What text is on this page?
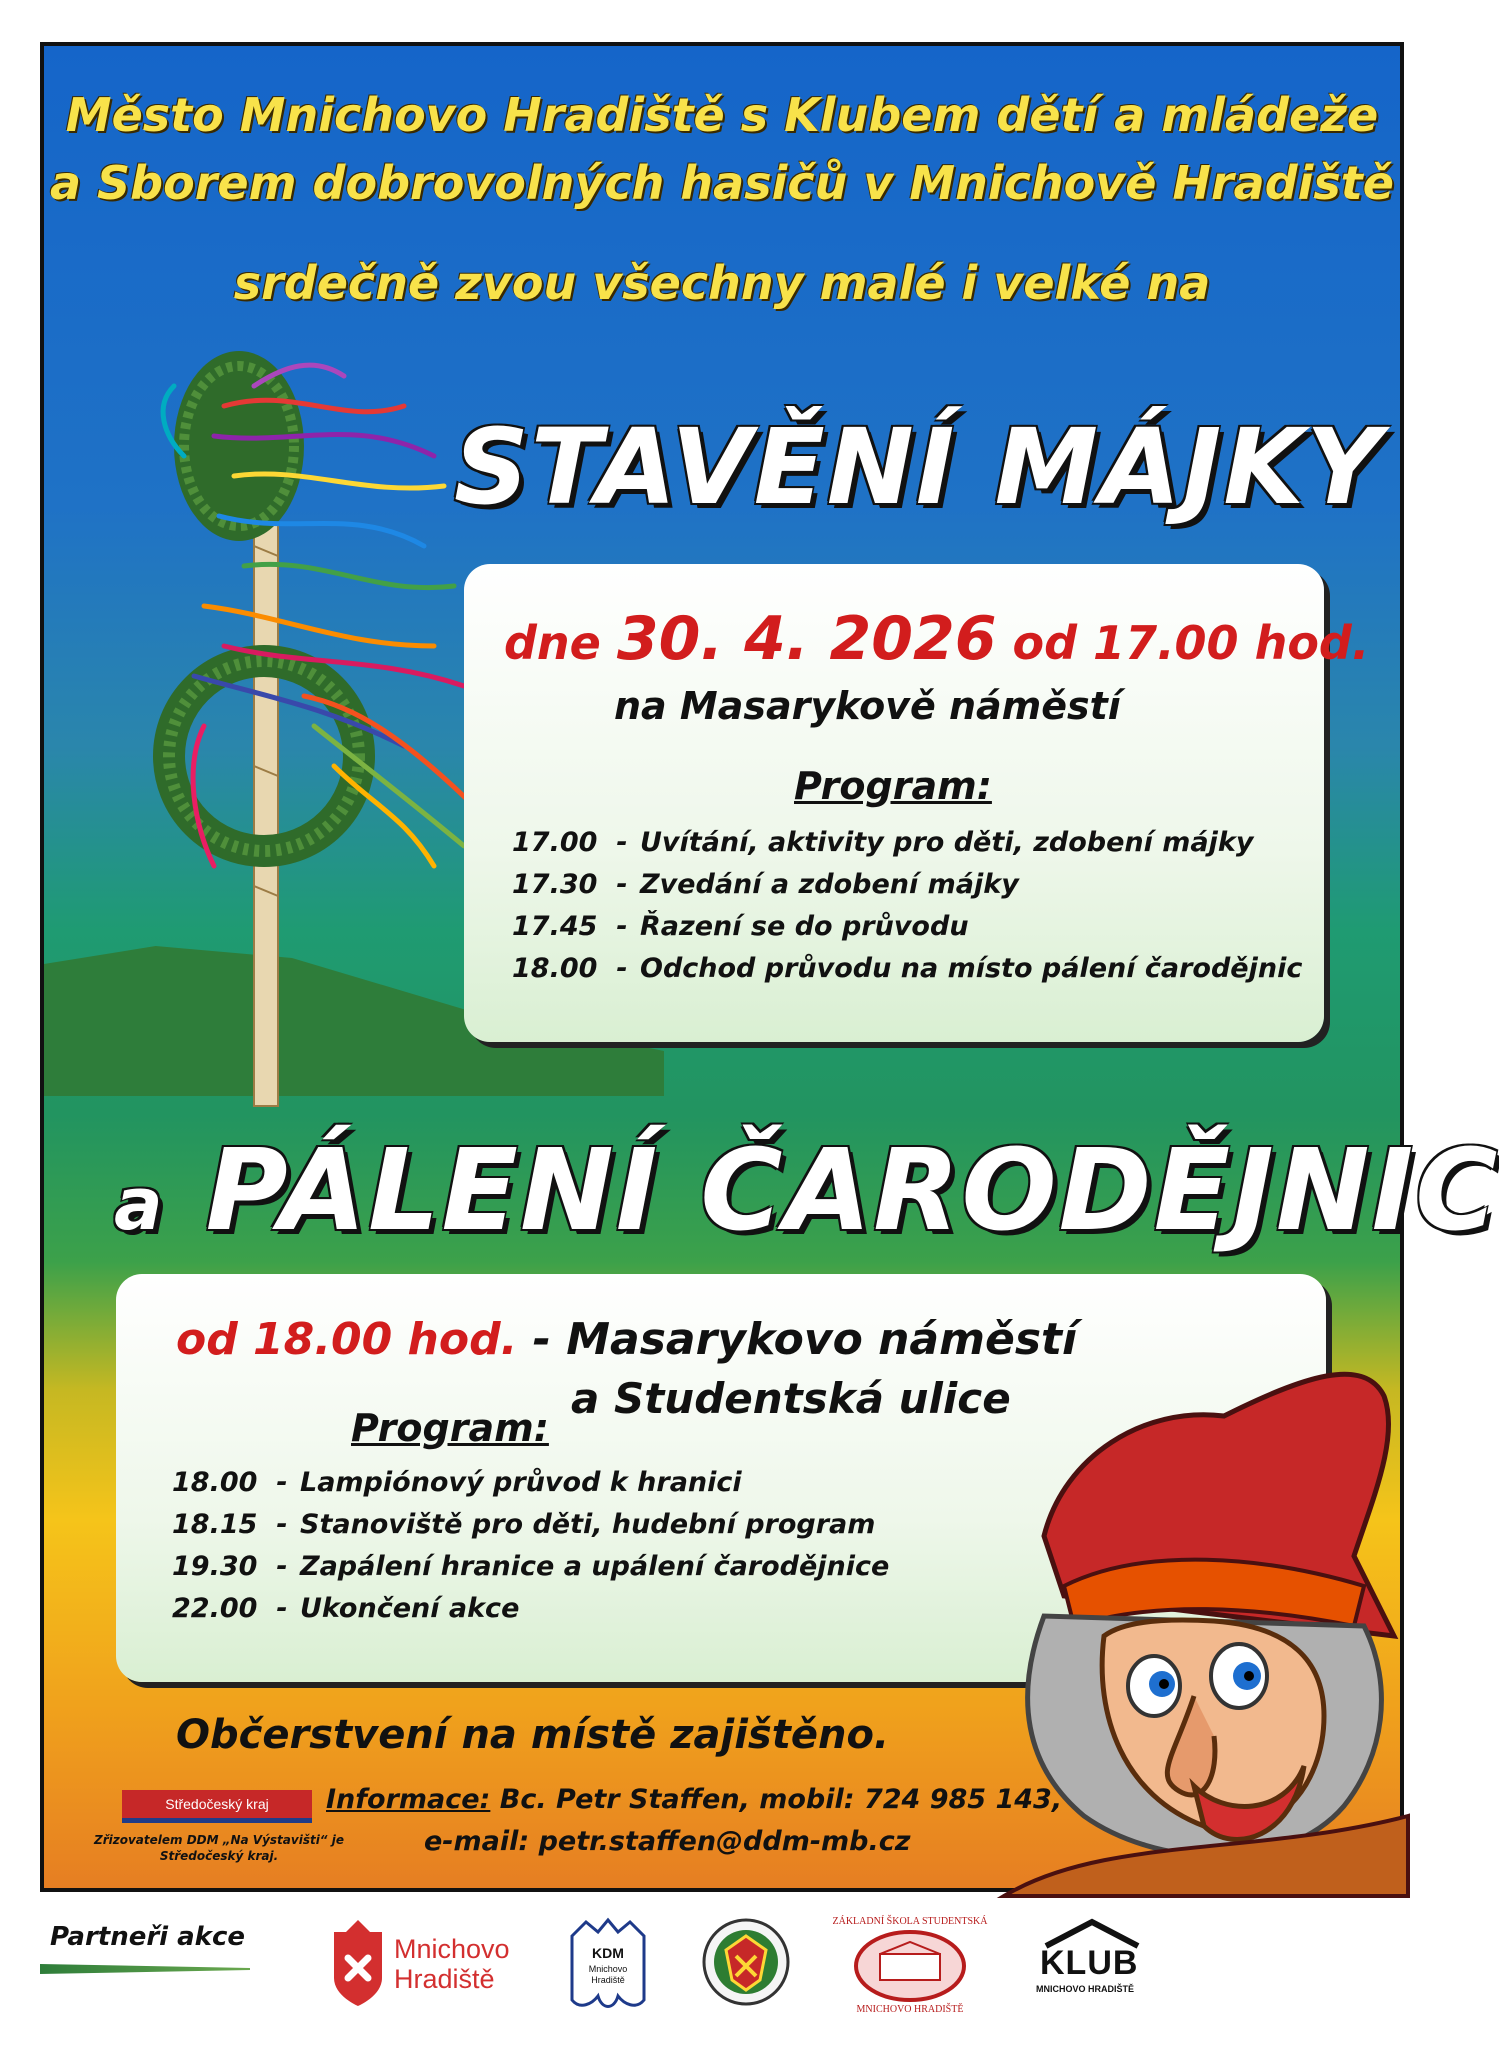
Město Mnichovo Hradiště s Klubem dětí a mládeže
a Sborem dobrovolných hasičů v Mnichově Hradiště
srdečně zvou všechny malé i velké na
STAVĚNÍ MÁJKY
dne 30. 4. 2026 od 17.00 hod.
na Masarykově náměstí
Program:
17.00 - Uvítání, aktivity pro děti, zdobení májky
17.30 - Zvedání a zdobení májky
17.45 - Řazení se do průvodu
18.00 - Odchod průvodu na místo pálení čarodějnic
a PÁLENÍ ČARODĚJNIC
od 18.00 hod. - Masarykovo náměstí
a Studentská ulice
Program:
18.00 - Lampiónový průvod k hranici
18.15 - Stanoviště pro děti, hudební program
19.30 - Zapálení hranice a upálení čarodějnice
22.00 - Ukončení akce
Občerstvení na místě zajištěno.
Informace: Bc. Petr Staffen, mobil: 724 985 143,
e-mail: petr.staffen@ddm-mb.cz
Středočeský kraj
Zřizovatelem DDM „Na Výstavišti“ je Středočeský kraj.
Partneři akce	Mnichovo
Hradiště
KDM
Mnichovo
Hradiště
ZÁKLADNÍ ŠKOLA STUDENTSKÁ
MNICHOVO HRADIŠTĚ
KLUB
MNICHOVO HRADIŠTĚ
